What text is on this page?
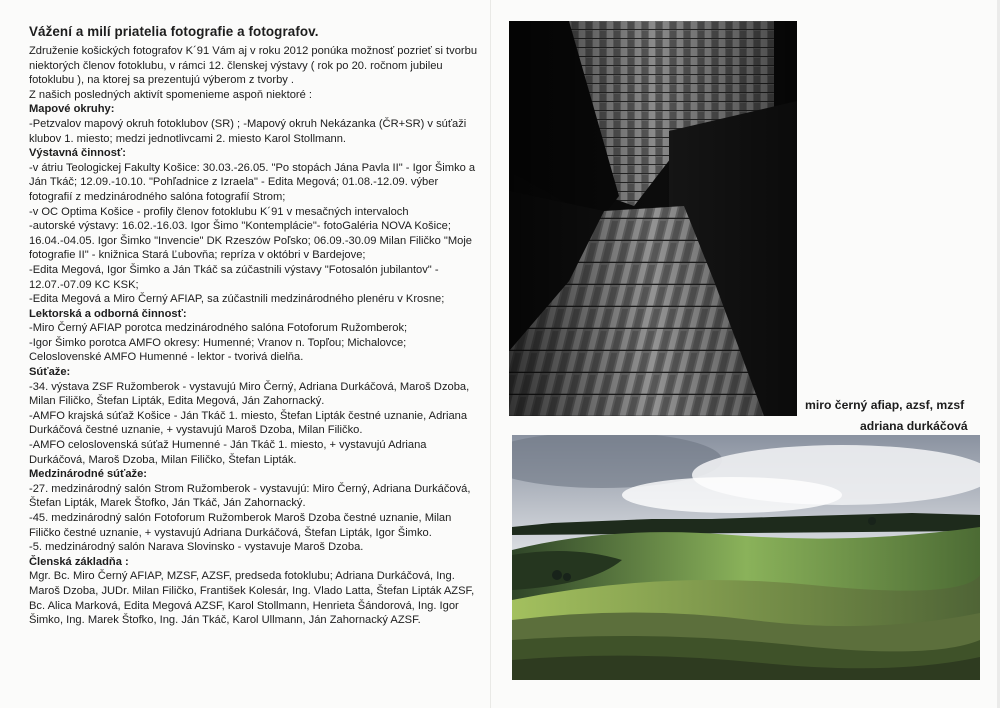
Vážení a milí priatelia fotografie a fotografov.

Združenie košických fotografov K´91 Vám aj v roku 2012 ponúka možnosť pozrieť si tvorbu niektorých členov fotoklubu, v rámci 12. členskej výstavy ( rok po 20. ročnom jubileu fotoklubu ), na ktorej sa prezentujú výberom z tvorby .

Z našich posledných aktivít spomenieme aspoň niektoré :

Mapové okruhy:

-Petzvalov mapový okruh fotoklubov (SR) ; -Mapový okruh Nekázanka (ČR+SR) v súťaži klubov 1. miesto; medzi jednotlivcami 2. miesto Karol Stollmann.

Výstavná činnosť:

-v átriu Teologickej Fakulty Košice: 30.03.-26.05. "Po stopách Jána Pavla II" - Igor Šimko a Ján Tkáč; 12.09.-10.10. "Pohľadnice z Izraela" - Edita Megová; 01.08.-12.09. výber fotografií z medzinárodného salóna fotografií Strom;

-v OC Optima Košice - profily členov fotoklubu K´91 v mesačných intervaloch

-autorské výstavy: 16.02.-16.03. Igor Šimo "Kontemplácie"- fotoGaléria NOVA Košice; 16.04.-04.05. Igor Šimko "Invencie" DK Rzeszów Poľsko; 06.09.-30.09 Milan Filičko "Moje fotografie II" - knižnica Stará Ľubovňa; repríza v októbri v Bardejove;

-Edita Megová, Igor Šimko a Ján Tkáč sa zúčastnili výstavy "Fotosalón jubilantov" - 12.07.-07.09 KC KSK;

-Edita Megová a Miro Černý AFIAP, sa zúčastnili medzinárodného plenéru v Krosne;

Lektorská a odborná činnosť:

-Miro Černý AFIAP porotca medzinárodného salóna Fotoforum Ružomberok;

-Igor Šimko porotca AMFO okresy: Humenné; Vranov n. Topľou; Michalovce; Celoslovenské AMFO Humenné - lektor - tvorivá dielňa.

Súťaže:

-34. výstava ZSF Ružomberok - vystavujú Miro Černý, Adriana Durkáčová, Maroš Dzoba, Milan Filičko, Štefan Lipták, Edita Megová, Ján Zahornacký.

-AMFO krajská súťaž Košice - Ján Tkáč 1. miesto, Štefan Lipták čestné uznanie, Adriana Durkáčová čestné uznanie, + vystavujú Maroš Dzoba, Milan Filičko.

-AMFO celoslovenská súťaž Humenné - Ján Tkáč 1. miesto, + vystavujú Adriana Durkáčová, Maroš Dzoba, Milan Filičko, Štefan Lipták.

Medzinárodné súťaže:

-27. medzinárodný salón Strom Ružomberok - vystavujú: Miro Černý, Adriana Durkáčová, Štefan Lipták, Marek Štofko, Ján Tkáč, Ján Zahornacký.

-45. medzinárodný salón Fotoforum Ružomberok Maroš Dzoba čestné uznanie, Milan Filičko čestné uznanie, + vystavujú Adriana Durkáčová, Štefan Lipták, Igor Šimko.

-5. medzinárodný salón Narava Slovinsko - vystavuje Maroš Dzoba.

Členská základňa :

Mgr. Bc. Miro Černý AFIAP, MZSF, AZSF, predseda fotoklubu; Adriana Durkáčová, Ing. Maroš Dzoba, JUDr. Milan Filičko, František Kolesár, Ing. Vlado Latta, Štefan Lipták AZSF, Bc. Alica Marková, Edita Megová AZSF, Karol Stollmann, Henrieta Šándorová, Ing. Igor Šimko, Ing. Marek Štofko, Ing. Ján Tkáč, Karol Ullmann, Ján Zahornacký AZSF.

miro černý afiap, azsf, mzsf
adriana durkáčová
